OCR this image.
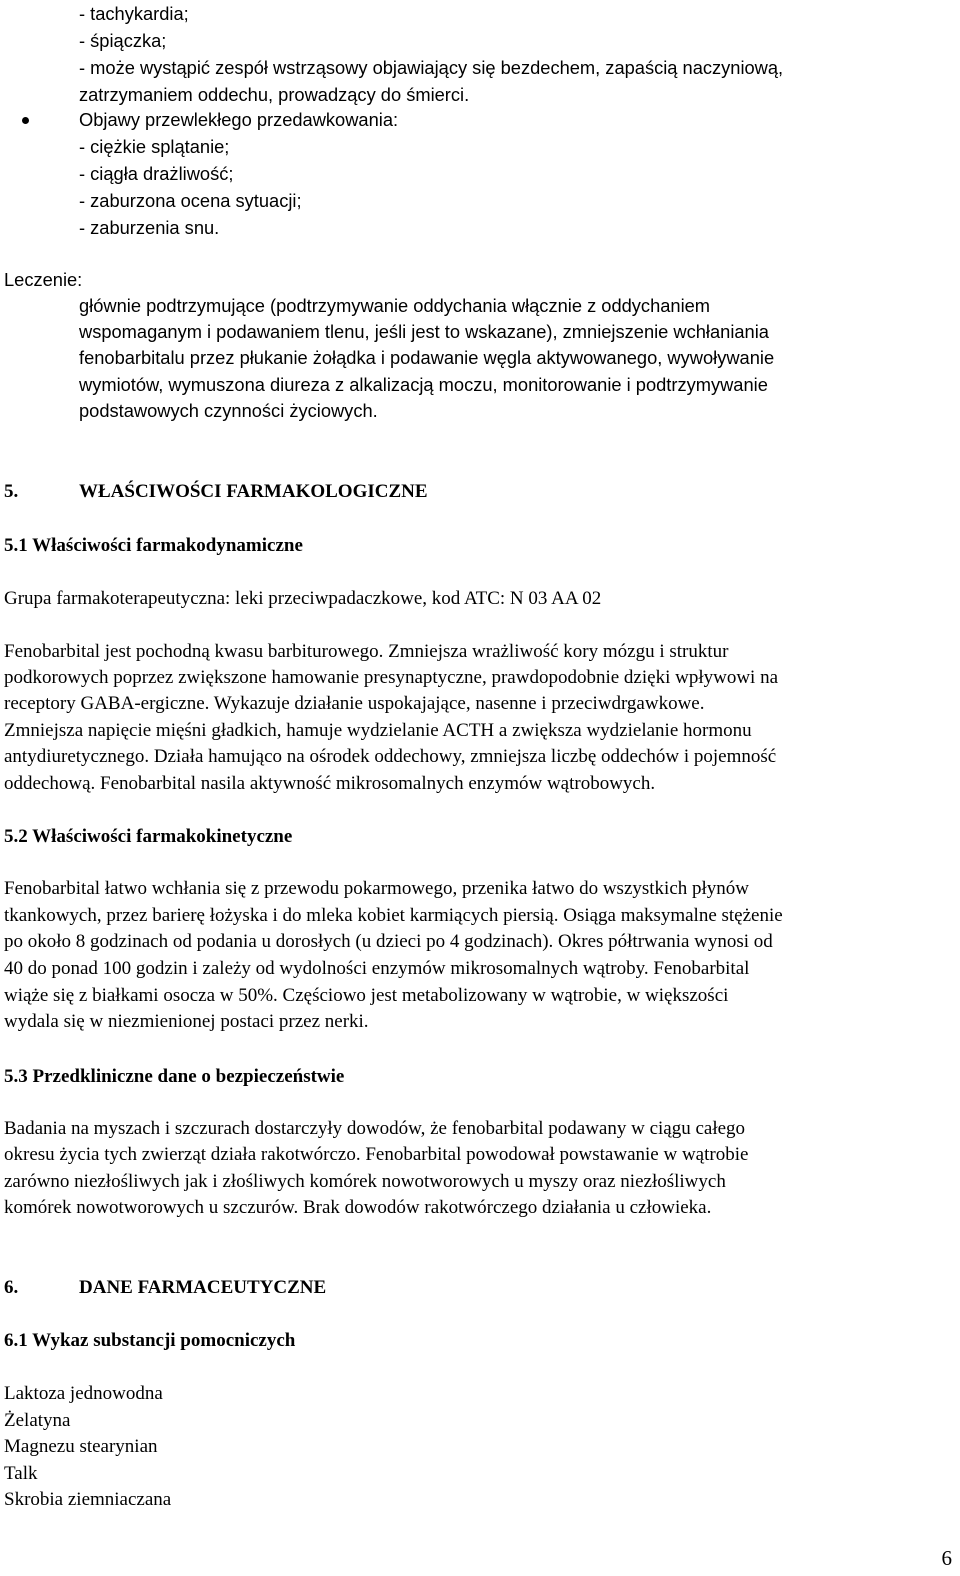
- tachykardia;
- śpiączka;
- może wystąpić zespół wstrząsowy objawiający się bezdechem, zapaścią naczyniową,
zatrzymaniem oddechu, prowadzący do śmierci.
Objawy przewlekłego przedawkowania:
- ciężkie splątanie;
- ciągła drażliwość;
- zaburzona ocena sytuacji;
- zaburzenia snu.
Leczenie:
głównie podtrzymujące (podtrzymywanie oddychania włącznie z oddychaniem
wspomaganym i podawaniem tlenu, jeśli jest to wskazane), zmniejszenie wchłaniania
fenobarbitalu przez płukanie żołądka i podawanie węgla aktywowanego, wywoływanie
wymiotów, wymuszona diureza z alkalizacją moczu, monitorowanie i podtrzymywanie
podstawowych czynności życiowych.
5.	WŁAŚCIWOŚCI FARMAKOLOGICZNE
5.1 Właściwości farmakodynamiczne
Grupa farmakoterapeutyczna: leki przeciwpadaczkowe, kod ATC: N 03 AA 02
Fenobarbital jest pochodną kwasu barbiturowego. Zmniejsza wrażliwość kory mózgu i struktur
podkorowych poprzez zwiększone hamowanie presynaptyczne, prawdopodobnie dzięki wpływowi na
receptory GABA-ergiczne. Wykazuje działanie uspokajające, nasenne i przeciwdrgawkowe.
Zmniejsza napięcie mięśni gładkich, hamuje wydzielanie ACTH a zwiększa wydzielanie hormonu
antydiuretycznego. Działa hamująco na ośrodek oddechowy, zmniejsza liczbę oddechów i pojemność
oddechową. Fenobarbital nasila aktywność mikrosomalnych enzymów wątrobowych.
5.2 Właściwości farmakokinetyczne
Fenobarbital łatwo wchłania się z przewodu pokarmowego, przenika łatwo do wszystkich płynów
tkankowych, przez barierę łożyska i do mleka kobiet karmiących piersią. Osiąga maksymalne stężenie
po około 8 godzinach od podania u dorosłych (u dzieci po 4 godzinach). Okres półtrwania wynosi od
40 do ponad 100 godzin i zależy od wydolności enzymów mikrosomalnych wątroby. Fenobarbital
wiąże się z białkami osocza w 50%. Częściowo jest metabolizowany w wątrobie, w większości
wydala się w niezmienionej postaci przez nerki.
5.3 Przedkliniczne dane o bezpieczeństwie
Badania na myszach i szczurach dostarczyły dowodów, że fenobarbital podawany w ciągu całego
okresu życia tych zwierząt działa rakotwórczo. Fenobarbital powodował powstawanie w wątrobie
zarówno niezłośliwych jak i złośliwych komórek nowotworowych u myszy oraz niezłośliwych
komórek nowotworowych u szczurów. Brak dowodów rakotwórczego działania u człowieka.
6.	DANE FARMACEUTYCZNE
6.1 Wykaz substancji pomocniczych
Laktoza jednowodna
Żelatyna
Magnezu stearynian
Talk
Skrobia ziemniaczana
6
